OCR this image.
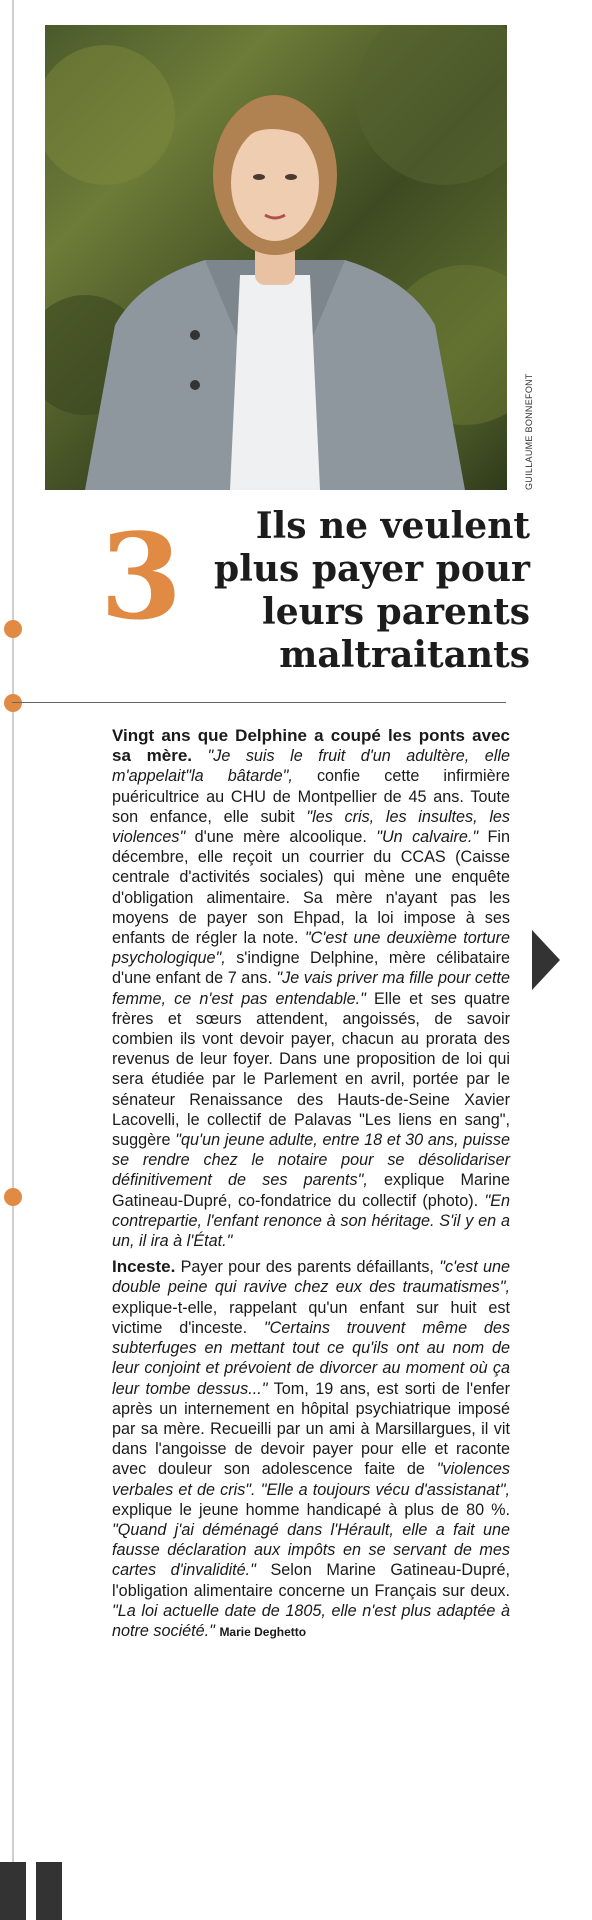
GUILLAUME BONNEFONT
3	Ils ne veulent plus payer pour leurs parents maltraitants

Vingt ans que Delphine a coupé les ponts avec sa mère. "Je suis le fruit d'un adultère, elle m'appelait"la bâtarde", confie cette infirmière puéricultrice au CHU de Montpellier de 45 ans. Toute son enfance, elle subit "les cris, les insultes, les violences" d'une mère alcoolique. "Un calvaire." Fin décembre, elle reçoit un courrier du CCAS (Caisse centrale d'activités sociales) qui mène une enquête d'obligation alimentaire. Sa mère n'ayant pas les moyens de payer son Ehpad, la loi impose à ses enfants de régler la note. "C'est une deuxième torture psychologique", s'indigne Delphine, mère célibataire d'une enfant de 7 ans. "Je vais priver ma fille pour cette femme, ce n'est pas entendable." Elle et ses quatre frères et sœurs attendent, angoissés, de savoir combien ils vont devoir payer, chacun au prorata des revenus de leur foyer. Dans une proposition de loi qui sera étudiée par le Parlement en avril, portée par le sénateur Renaissance des Hauts-de-Seine Xavier Lacovelli, le collectif de Palavas "Les liens en sang", suggère "qu'un jeune adulte, entre 18 et 30 ans, puisse se rendre chez le notaire pour se désolidariser définitivement de ses parents", explique Marine Gatineau-Dupré, co-fondatrice du collectif (photo). "En contrepartie, l'enfant renonce à son héritage. S'il y en a un, il ira à l'État."

Inceste. Payer pour des parents défaillants, "c'est une double peine qui ravive chez eux des traumatismes", explique-t-elle, rappelant qu'un enfant sur huit est victime d'inceste. "Certains trouvent même des subterfuges en mettant tout ce qu'ils ont au nom de leur conjoint et prévoient de divorcer au moment où ça leur tombe dessus..." Tom, 19 ans, est sorti de l'enfer après un internement en hôpital psychiatrique imposé par sa mère. Recueilli par un ami à Marsillargues, il vit dans l'angoisse de devoir payer pour elle et raconte avec douleur son adolescence faite de "violences verbales et de cris". "Elle a toujours vécu d'assistanat", explique le jeune homme handicapé à plus de 80 %. "Quand j'ai déménagé dans l'Hérault, elle a fait une fausse déclaration aux impôts en se servant de mes cartes d'invalidité." Selon Marine Gatineau-Dupré, l'obligation alimentaire concerne un Français sur deux. "La loi actuelle date de 1805, elle n'est plus adaptée à notre société." Marie Deghetto
